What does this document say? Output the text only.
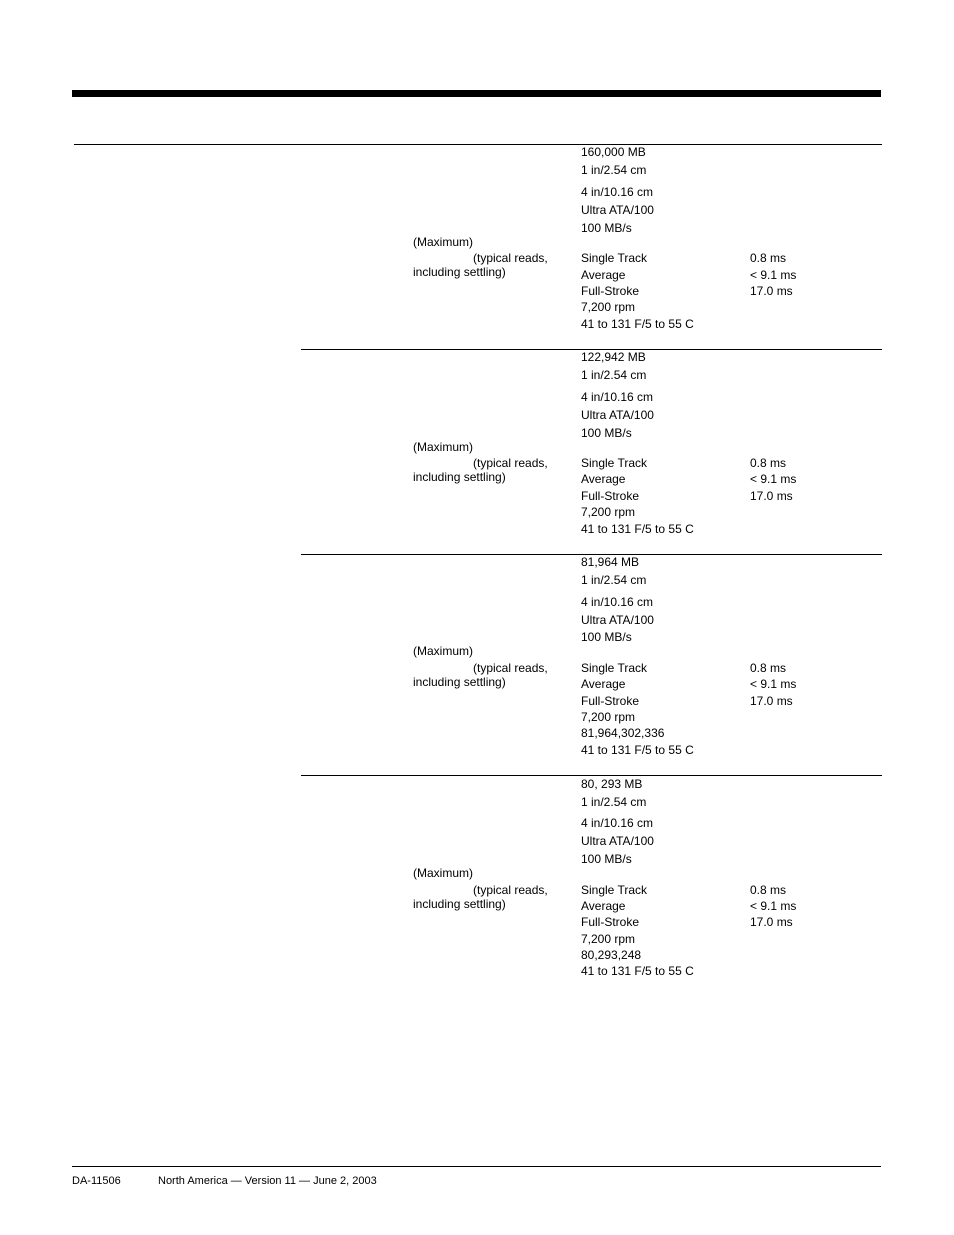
160,000 MB
1 in/2.54 cm
4 in/10.16 cm
Ultra ATA/100
100 MB/s
(Maximum)
(typical reads,
including settling)
Single Track	0.8 ms
Average	< 9.1 ms
Full-Stroke	17.0 ms
7,200 rpm
41 to 131 F/5 to 55 C
122,942 MB
1 in/2.54 cm
4 in/10.16 cm
Ultra ATA/100
100 MB/s
(Maximum)
(typical reads,
including settling)
Single Track	0.8 ms
Average	< 9.1 ms
Full-Stroke	17.0 ms
7,200 rpm
41 to 131 F/5 to 55 C
81,964 MB
1 in/2.54 cm
4 in/10.16 cm
Ultra ATA/100
100 MB/s
(Maximum)
(typical reads,
including settling)
Single Track	0.8 ms
Average	< 9.1 ms
Full-Stroke	17.0 ms
7,200 rpm
81,964,302,336
41 to 131 F/5 to 55 C
80, 293 MB
1 in/2.54 cm
4 in/10.16 cm
Ultra ATA/100
100 MB/s
(Maximum)
(typical reads,
including settling)
Single Track	0.8 ms
Average	< 9.1 ms
Full-Stroke	17.0 ms
7,200 rpm
80,293,248
41 to 131 F/5 to 55 C
DA-11506	North America — Version 11 — June 2, 2003
